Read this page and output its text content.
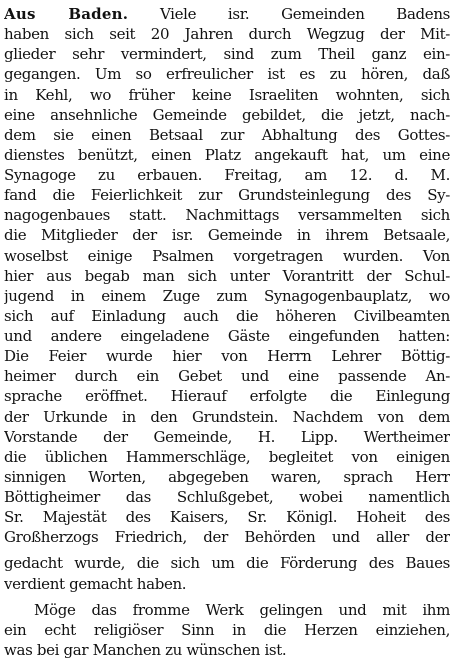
Aus Baden. Viele isr. Gemeinden Badens
haben sich seit 20 Jahren durch Wegzug der Mit-
glieder sehr vermindert, sind zum Theil ganz ein-
gegangen. Um so erfreulicher ist es zu hören, daß
in Kehl, wo früher keine Israeliten wohnten, sich
eine ansehnliche Gemeinde gebildet, die jetzt, nach-
dem sie einen Betsaal zur Abhaltung des Gottes-
dienstes benützt, einen Platz angekauft hat, um eine
Synagoge zu erbauen. Freitag, am 12. d. M.
fand die Feierlichkeit zur Grundsteinlegung des Sy-
nagogenbaues statt. Nachmittags versammelten sich
die Mitglieder der isr. Gemeinde in ihrem Betsaale,
woselbst einige Psalmen vorgetragen wurden. Von
hier aus begab man sich unter Vorantritt der Schul-
jugend in einem Zuge zum Synagogenbauplatz, wo
sich auf Einladung auch die höheren Civilbeamten
und andere eingeladene Gäste eingefunden hatten:
Die Feier wurde hier von Herrn Lehrer Böttig-
heimer durch ein Gebet und eine passende An-
sprache eröffnet. Hierauf erfolgte die Einlegung
der Urkunde in den Grundstein. Nachdem von dem
Vorstande der Gemeinde, H. Lipp. Wertheimer
die üblichen Hammerschläge, begleitet von einigen
sinnigen Worten, abgegeben waren, sprach Herr
Böttigheimer das Schlußgebet, wobei namentlich
Sr. Majestät des Kaisers, Sr. Königl. Hoheit des
Großherzogs Friedrich, der Behörden und aller der
gedacht wurde, die sich um die Förderung des Baues
verdient gemacht haben.
Möge das fromme Werk gelingen und mit ihm
ein echt religiöser Sinn in die Herzen einziehen,
was bei gar Manchen zu wünschen ist.
